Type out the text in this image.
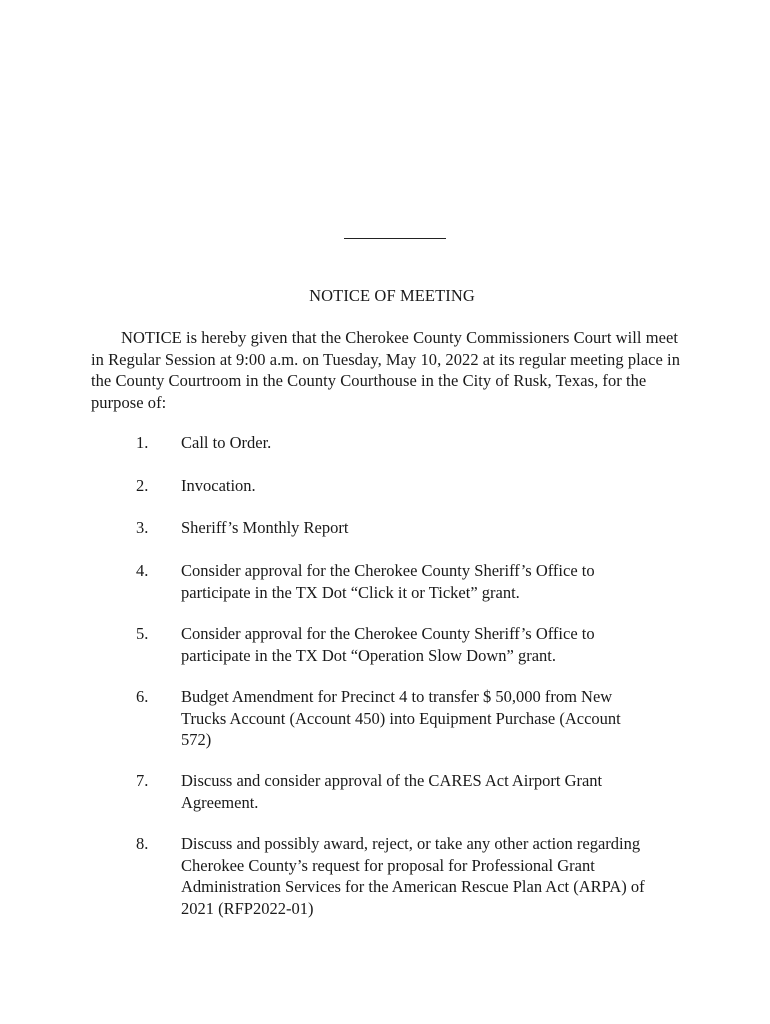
NOTICE OF MEETING
NOTICE is hereby given that the Cherokee County Commissioners Court will meet in Regular Session at 9:00 a.m. on Tuesday, May 10, 2022 at its regular meeting place in the County Courtroom in the County Courthouse in the City of Rusk, Texas, for the purpose of:
1.	Call to Order.
2.	Invocation.
3.	Sheriff’s Monthly Report
4.	Consider approval for the Cherokee County Sheriff’s Office to
participate in the TX Dot “Click it or Ticket” grant.
5.	Consider approval for the Cherokee County Sheriff’s Office to
participate in the TX Dot “Operation Slow Down” grant.
6.	Budget Amendment for Precinct 4 to transfer $ 50,000 from New
Trucks Account (Account 450) into Equipment Purchase (Account
572)
7.	Discuss and consider approval of the CARES Act Airport Grant
Agreement.
8.	Discuss and possibly award, reject, or take any other action regarding
Cherokee County’s request for proposal for Professional Grant
Administration Services for the American Rescue Plan Act (ARPA) of
2021 (RFP2022-01)
